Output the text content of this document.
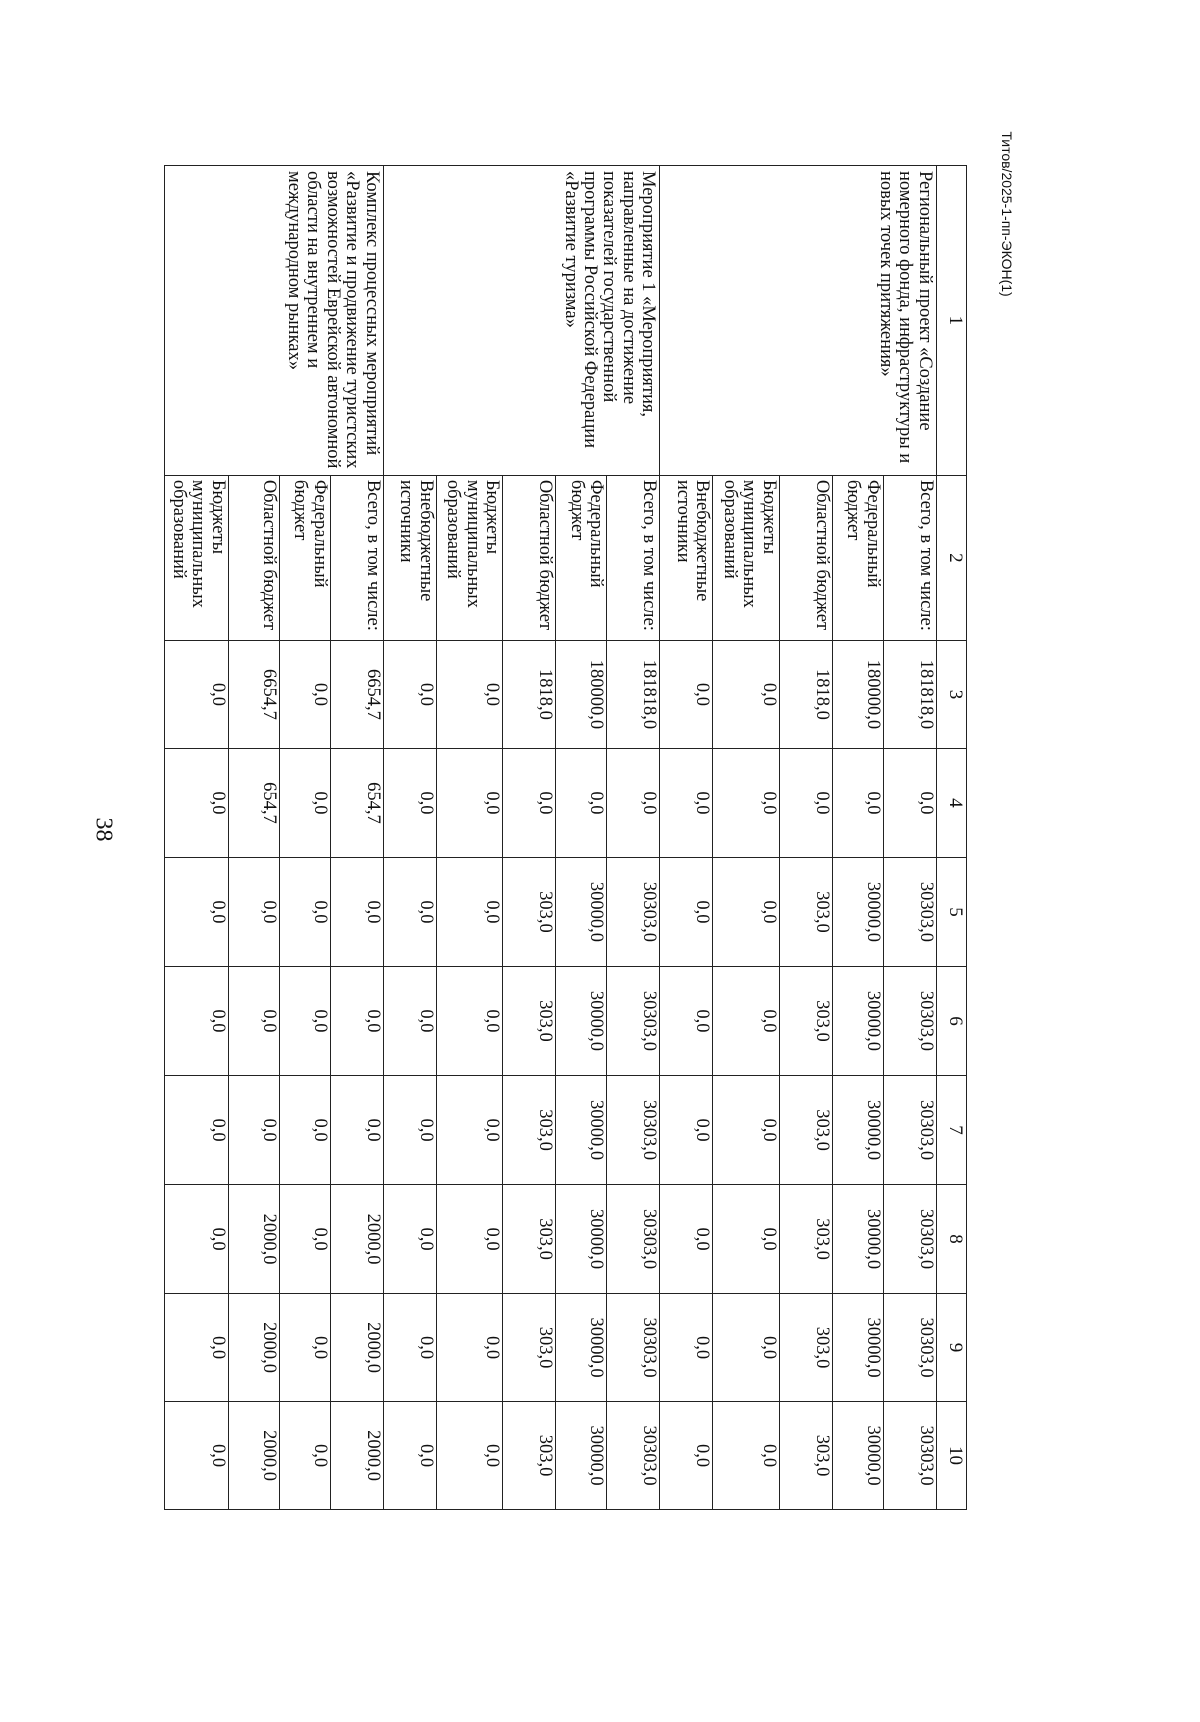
38
Титов/2025-1-пп-ЭКОН(1)
1	2	3	4	5	6	7	8	9	10
Региональный проект «Создание номерного фонда, инфраструктуры и новых точек притяжения»	Всего, в том числе:	181818,0	0,0	30303,0	30303,0	30303,0	30303,0	30303,0	30303,0
	Федеральный бюджет	180000,0	0,0	30000,0	30000,0	30000,0	30000,0	30000,0	30000,0
	Областной бюджет	1818,0	0,0	303,0	303,0	303,0	303,0	303,0	303,0
	Бюджеты муниципальных образований	0,0	0,0	0,0	0,0	0,0	0,0	0,0	0,0
	Внебюджетные источники	0,0	0,0	0,0	0,0	0,0	0,0	0,0	0,0
Мероприятие 1 «Мероприятия, направленные на достижение показателей государственной программы Российской Федерации «Развитие туризма»	Всего, в том числе:	181818,0	0,0	30303,0	30303,0	30303,0	30303,0	30303,0	30303,0
	Федеральный бюджет	180000,0	0,0	30000,0	30000,0	30000,0	30000,0	30000,0	30000,0
	Областной бюджет	1818,0	0,0	303,0	303,0	303,0	303,0	303,0	303,0
	Бюджеты муниципальных образований	0,0	0,0	0,0	0,0	0,0	0,0	0,0	0,0
	Внебюджетные источники	0,0	0,0	0,0	0,0	0,0	0,0	0,0	0,0
Комплекс процессных мероприятий «Развитие и продвижение туристских возможностей Еврейской автономной области на внутреннем и международном рынках»	Всего, в том числе:	6654,7	654,7	0,0	0,0	0,0	2000,0	2000,0	2000,0
	Федеральный бюджет	0,0	0,0	0,0	0,0	0,0	0,0	0,0	0,0
	Областной бюджет	6654,7	654,7	0,0	0,0	0,0	2000,0	2000,0	2000,0
	Бюджеты муниципальных образований	0,0	0,0	0,0	0,0	0,0	0,0	0,0	0,0
